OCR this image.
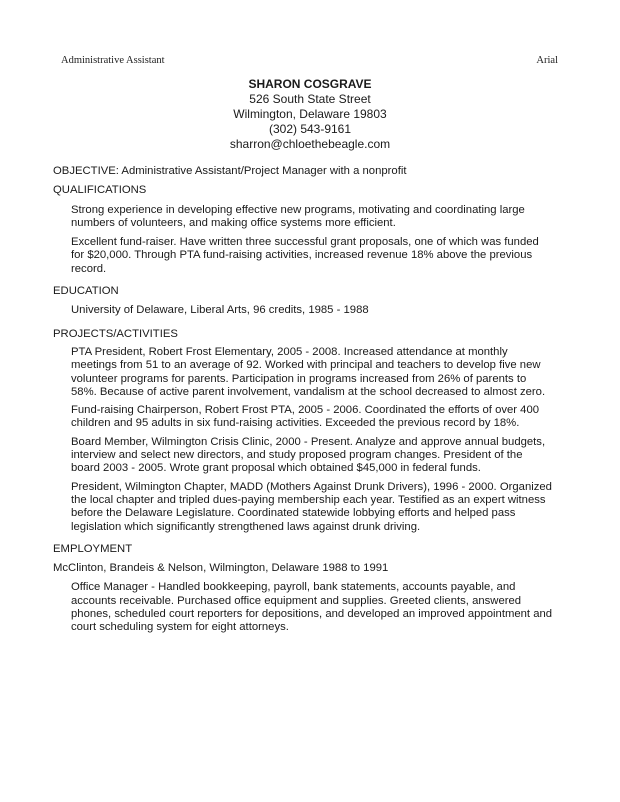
Administrative Assistant	Arial
SHARON COSGRAVE
526 South State Street
Wilmington, Delaware 19803
(302) 543-9161
sharron@chloethebeagle.com
OBJECTIVE: Administrative Assistant/Project Manager with a nonprofit
QUALIFICATIONS
Strong experience in developing effective new programs, motivating and coordinating large numbers of volunteers, and making office systems more efficient.
Excellent fund-raiser. Have written three successful grant proposals, one of which was funded for $20,000. Through PTA fund-raising activities, increased revenue 18% above the previous record.
EDUCATION
University of Delaware, Liberal Arts, 96 credits, 1985 - 1988
PROJECTS/ACTIVITIES
PTA President, Robert Frost Elementary, 2005 - 2008. Increased attendance at monthly meetings from 51 to an average of 92. Worked with principal and teachers to develop five new volunteer programs for parents. Participation in programs increased from 26% of parents to 58%. Because of active parent involvement, vandalism at the school decreased to almost zero.
Fund-raising Chairperson, Robert Frost PTA, 2005 - 2006. Coordinated the efforts of over 400 children and 95 adults in six fund-raising activities. Exceeded the previous record by 18%.
Board Member, Wilmington Crisis Clinic, 2000 - Present. Analyze and approve annual budgets, interview and select new directors, and study proposed program changes. President of the board 2003 - 2005. Wrote grant proposal which obtained $45,000 in federal funds.
President, Wilmington Chapter, MADD (Mothers Against Drunk Drivers), 1996 - 2000. Organized the local chapter and tripled dues-paying membership each year. Testified as an expert witness before the Delaware Legislature. Coordinated statewide lobbying efforts and helped pass legislation which significantly strengthened laws against drunk driving.
EMPLOYMENT
McClinton, Brandeis & Nelson, Wilmington, Delaware 1988 to 1991
Office Manager - Handled bookkeeping, payroll, bank statements, accounts payable, and accounts receivable. Purchased office equipment and supplies. Greeted clients, answered phones, scheduled court reporters for depositions, and developed an improved appointment and court scheduling system for eight attorneys.
